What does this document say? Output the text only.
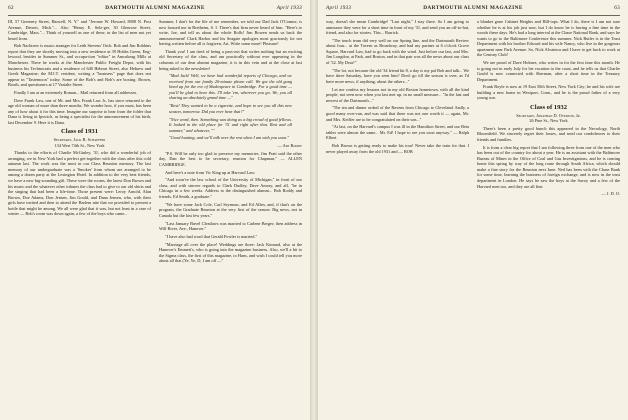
62	DARTMOUTH ALUMNI MAGAZINE	April 1933

III, 57 Greenery Street, Harwell, N. Y." and "Jerome W. Howard, 8008 N. Post Avenue, Detroit, Mich."... Also "Henry E. Selz-ger, 30 Glenrose Street, Cambridge, Mass."... Think of yourself as one of these, in the list of men not yet heard from.

Bob Nachtrew is music arranger for Leith Stevens' Orch. Bob and Jim Robbins report that they are shortly moving into a new residence at 39 Hobbs Green, Eng-lewood, besides in Summer St., and occupa-tion "editor" in Amoskeag Mills at Manchester. There he works at the Manchester Public Freight Depot, with his business his Technocrats and a residence of 640 Hebron Street, also Hebrew and Greek Magazine; the M.I.T. resident, writing a "business" page that does not appear in "Tastemoon" today. Some of the Bob's and Bob's are boxing: Brown, Booth, and questioners at 17 Varialie Street.

Finally I am at an extremely Roman... Mail returned from all addresses.

Dave Frank Law, one of Mr. and Mrs. Frank Law Jr., has since returned to the age old woman of more than three months. We wonder how, if you must, has been any of how about it for this time. Imagine our surprise to hear from the folder that Dana is living in Ipswich, as being a specialist for the announcement of his birth, last December 9. Here it is Dana.

Class of 1931

Secretary, Jack R. Schaeffer

134 West 74th St., New York

Thanks to the efforts of Charlie McGinley, '31, who did a wonderful job of arranging, we in New York had a perfect get-together with the class after this cold autumn last. The work was the most in our Class Reunion memory. The last memory of our undergraduate was a 'Smoker' from whom are arranged to be among a dozen party at the Lexington Hotel. In addition to the very best friends, we have a new big-sounding gift. These were the rooms, the latest Don Brown and his music and the whatever other tributes the class had to give to our old shirts and the singing that had been a life-time. Those present were: Leroy Arnold, Alan Brown, Doe Adams, Don Jensen, Jim Gould, and Dana Jensen, who, with their girls have invited and then to attend the Harlem nite that we provided to present a bottle that might be among. We all were glad that it was, but not least in a case of winter — Bob's room was down again, a few of the boys who came...

Summer, I don't for the life of me remember, we told our Dad Jack O'Connor, is now housed me in Bretheim, S. I. There's that firm never heard of him. "Here's to write, Joe, and tell us about the whole Rolls! Jim Bowen sends us back the announcement! Clark Harbor and his Seagate apologies most graciously for not having written before all is forgiven, Art. Write some more! Pleasure!

Thank you! I am tired of being a pass-out that writes nothing but an exciting old Secretary of the class, and am practically without ever appearing in the columns of our dear alumni magazine, it is in this vein and at the close at last being asked to the newsletter!

"Mad Jack! Well, we have had wonderful reports of Chicago, and we received from our family 20-minute phone call. We got the old gang lined up for the eve of Shakespeare in Cambridge. For a good time — you'll be glad to hear this. I'll take 'em, wherever you go. We, you all sharing an absolutely grand time —"

"Rest! They wanted to be a cigarette, and hope to see you all this new season, tomorrow. Did you ever hear that?"

"Nice word, then. Something was doing as a big crowd of good fellows. It looked in the old place for '31 and right after that. Rest and all summer," and whatever, ""

"Good hunting, and we'll talk over the rest when I am with you soon."

— Art Roddy

"P.S. Will be only too glad to preserve my memories. Jim Pratt said the other day, Dan the best to be secretary, reunion for Chapman," — ALLEN CAMBRIDGE.

And here's a note from Vic King up at Harvard Law:

"And soon've the law school of the University of Michigan," in front of our class, and with sincere regards to Clark Dudley, Dave Amory, and all, "be in Chicago in a few weeks. Address to the distinguished alumni... Bob Roddy and friends, Ed Smith, a graduate."

"We have some Jack Cole, Carl Seymour, and Ed Allen, and, if that's on the program, the Graduate Reunion at the very first of the season. Big news, not in Canada but the last few years."

"Last January Buvel Cleatlaws was married to Carlene Berger; then address in Will River, Ave., Hanover."

"I have also had word that Gerald Fowler is married."

"Marriage all over the place! Weddings are three: Jack Kinnard, also at the Hanover's Emmett's, who is going into the magazine business. Also, we'll a bit to the Sigma class, the first of this magazine, to Hans, and wish I could tell you more about all that (Ye, Ye, D, I am off —"

April 1933	DARTMOUTH ALUMNI MAGAZINE	63

way, doesn't she mean Cambridge! "Last night," I stay there. So I am going to announce they were for a short time in front of my '31, and send you an off-to-hat, friend, and also for stories. This... Barrick.

"The touch team did very well on our Spring line, and the Dartmouth Review about four... at the Tavern as Broadway, and had my partner at 6 o'clock Grove Square, Harvard Law, had to go back with the wind. Just before our last, and Mrs. Jim Longdon, at Park, and Boston, and in that pair was all the news about our class of '32. My Dear!"

"The lot, not because the old '34 friend hit 8, a day is my pal Bob and talk... We have three Saturday, have you seen him? Don't go till the season is over, as I'd have more news, if anything, about the others..."

Let me confess my lessons not in my old Boston hometown, with all the kind people, not seen now when you last met up, in no small measure... "In the last and newest of the Dartmouth..."

"The tea and dinner ordeal of the Ravens from Chicago to Cleveland. Sadly, a good many over-run, and was said that there was not one worth it — again, Mr. and Mrs. Keiffer are to be congratulated on their son..."

"At last, on the Harvard's campus I was ill in the Hamilton Street, and our Beta tables were almost the same... Mr. Ed! I hope to see you soon anyway." — Ralph Elbert

Bob Brown is getting ready to make his tour! Never take the train for that. I never played away from the old 1931 and — BOB

a blanket gone Cabinet Heights and Hill-tops. What I do, there is I am not sure whether he is at his job just now, but I do know he is having a fine time in the woods these days. He's had a long interval at the Chase National Bank, and says he wants to go to the Baltimore Conference this summer. Nick Butler is in the Trust Department with his brother Edward and his wife Nancy, who live in the gorgeous apartment near Park Avenue. So, Nick Alvaterra and I have to get back to work at the Century Club!

We are proud of Dave Holmes, who writes in for the first time this month. He is going out in early July for his vacation to the coast, and he tells us that Charlie Gould is now connected with Sherman, after a short time in the Treasury Department.

Frank Boyle is now at 19 East 50th Street, New York City; he and his wife are building a new home in Westport, Conn., and he is the proud father of a very young son.

Class of 1932

Secretary, Jonathan D. Overton, Jr.

26 Pine St., New York

There's been a pretty good bunch this appeared in the Necrology, North Bloomfield. We sincerely regret their losses, and send our condolences to their friends and families.

It is from a clear big report that I am following three from one of the men who has been out of the country for about a year. He is an assistant with the Baltimore Bureau of Mines in the Office of Coal and Gas Investigations, and he is coming home this spring by way of the long route through South Africa, which should make a fine story for the Reunion next June. Ned has been with the Chase Bank for some time, learning the business of foreign exchange, and is now in the trust department in London. He says he saw the boys at the Savoy and a few of the Harvard men too, and they are all fine.

— J. D. O.
